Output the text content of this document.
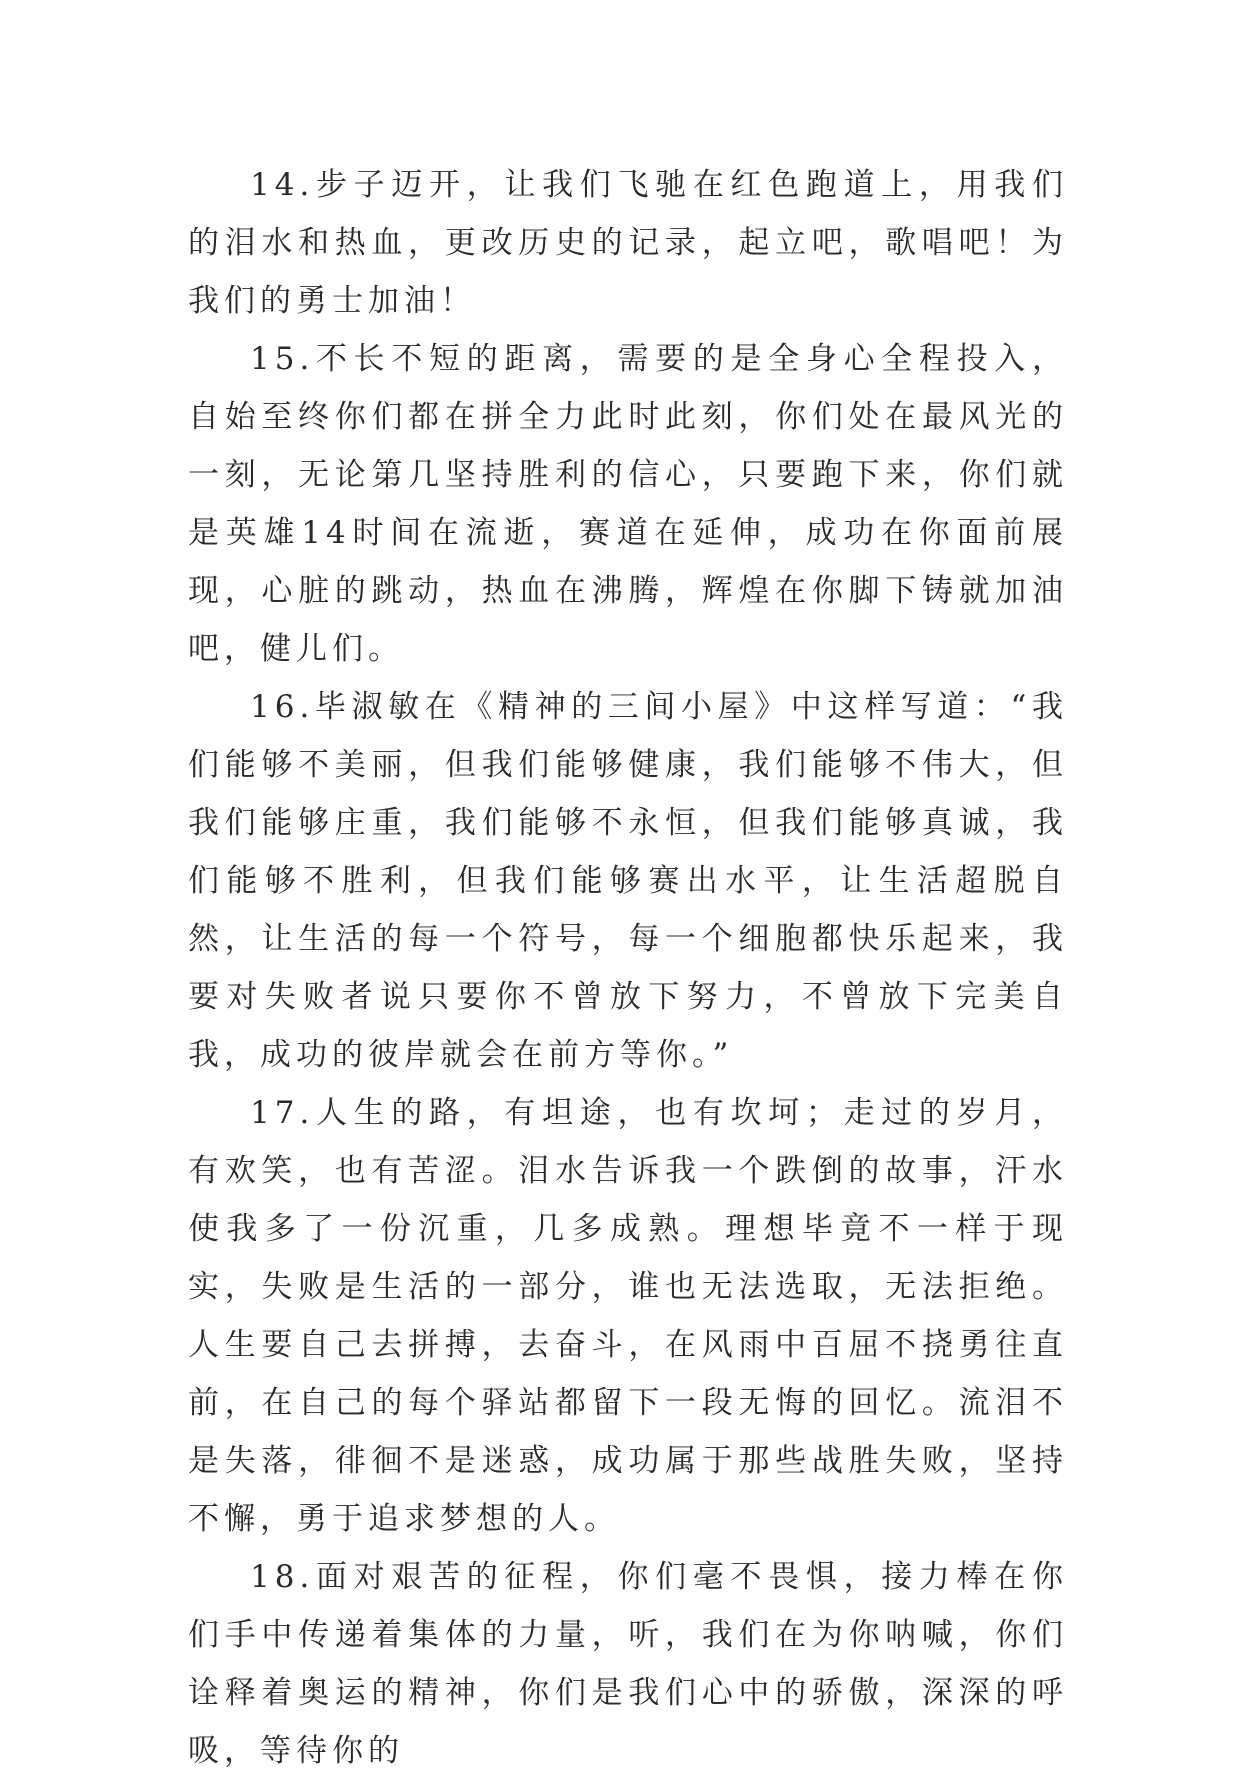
14.步子迈开，让我们飞驰在红色跑道上，用我们的泪水和热血，更改历史的记录，起立吧，歌唱吧！为我们的勇士加油！

15.不长不短的距离，需要的是全身心全程投入，自始至终你们都在拼全力此时此刻，你们处在最风光的一刻，无论第几坚持胜利的信心，只要跑下来，你们就是英雄14时间在流逝，赛道在延伸，成功在你面前展现，心脏的跳动，热血在沸腾，辉煌在你脚下铸就加油吧，健儿们。

16.毕淑敏在《精神的三间小屋》中这样写道：“我们能够不美丽，但我们能够健康，我们能够不伟大，但我们能够庄重，我们能够不永恒，但我们能够真诚，我们能够不胜利，但我们能够赛出水平，让生活超脱自然，让生活的每一个符号，每一个细胞都快乐起来，我要对失败者说只要你不曾放下努力，不曾放下完美自我，成功的彼岸就会在前方等你。”

17.人生的路，有坦途，也有坎坷；走过的岁月，有欢笑，也有苦涩。泪水告诉我一个跌倒的故事，汗水使我多了一份沉重，几多成熟。理想毕竟不一样于现实，失败是生活的一部分，谁也无法选取，无法拒绝。人生要自己去拼搏，去奋斗，在风雨中百屈不挠勇往直前，在自己的每个驿站都留下一段无悔的回忆。流泪不是失落，徘徊不是迷惑，成功属于那些战胜失败，坚持不懈，勇于追求梦想的人。

18.面对艰苦的征程，你们毫不畏惧，接力棒在你们手中传递着集体的力量，听，我们在为你呐喊，你们诠释着奥运的精神，你们是我们心中的骄傲，深深的呼吸，等待你的
